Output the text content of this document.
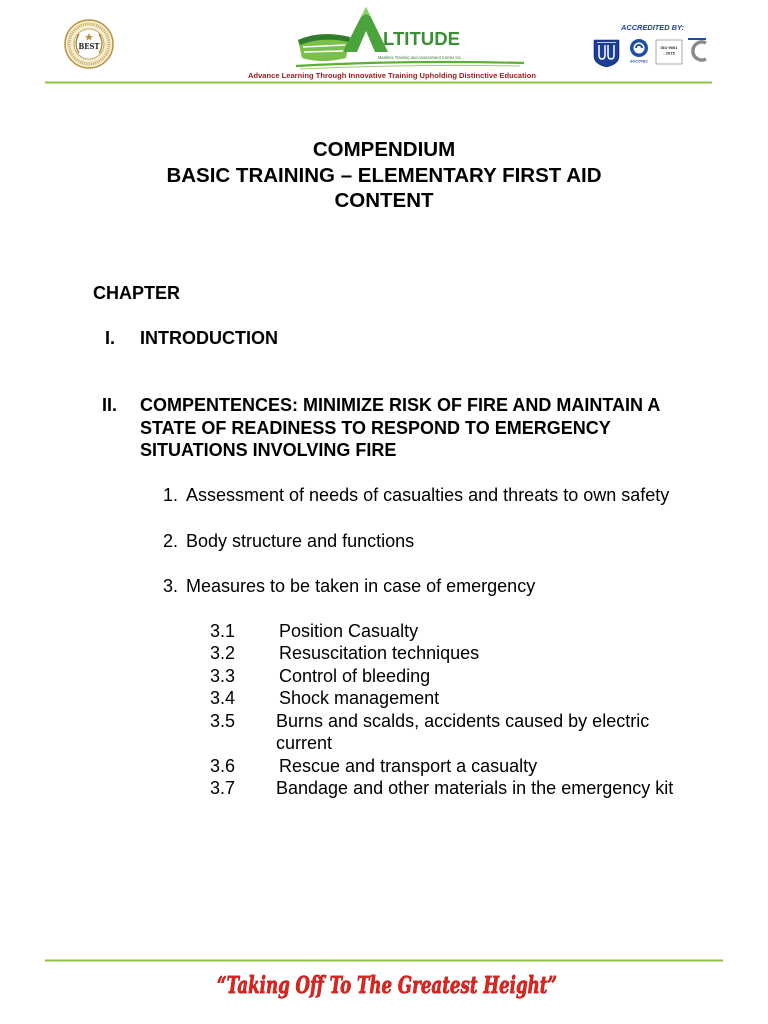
BEST	LTITUDE
Maritime Training and Assessment Center Inc.
Advance Learning Through Innovative Training Upholding Distinctive Education
ACCREDITED BY:
SOCOTEC
ISO 9001
: 2015
COMPENDIUM
BASIC TRAINING – ELEMENTARY FIRST AID
CONTENT
CHAPTER
I. INTRODUCTION
II. COMPENTENCES: MINIMIZE RISK OF FIRE AND MAINTAIN A
STATE OF READINESS TO RESPOND TO EMERGENCY
SITUATIONS INVOLVING FIRE
1. Assessment of needs of casualties and threats to own safety
2. Body structure and functions
3. Measures to be taken in case of emergency
3.1 Position Casualty
3.2 Resuscitation techniques
3.3 Control of bleeding
3.4 Shock management
3.5 Burns and scalds, accidents caused by electric
current
3.6 Rescue and transport a casualty
3.7 Bandage and other materials in the emergency kit
“Taking Off To The Greatest Height”
